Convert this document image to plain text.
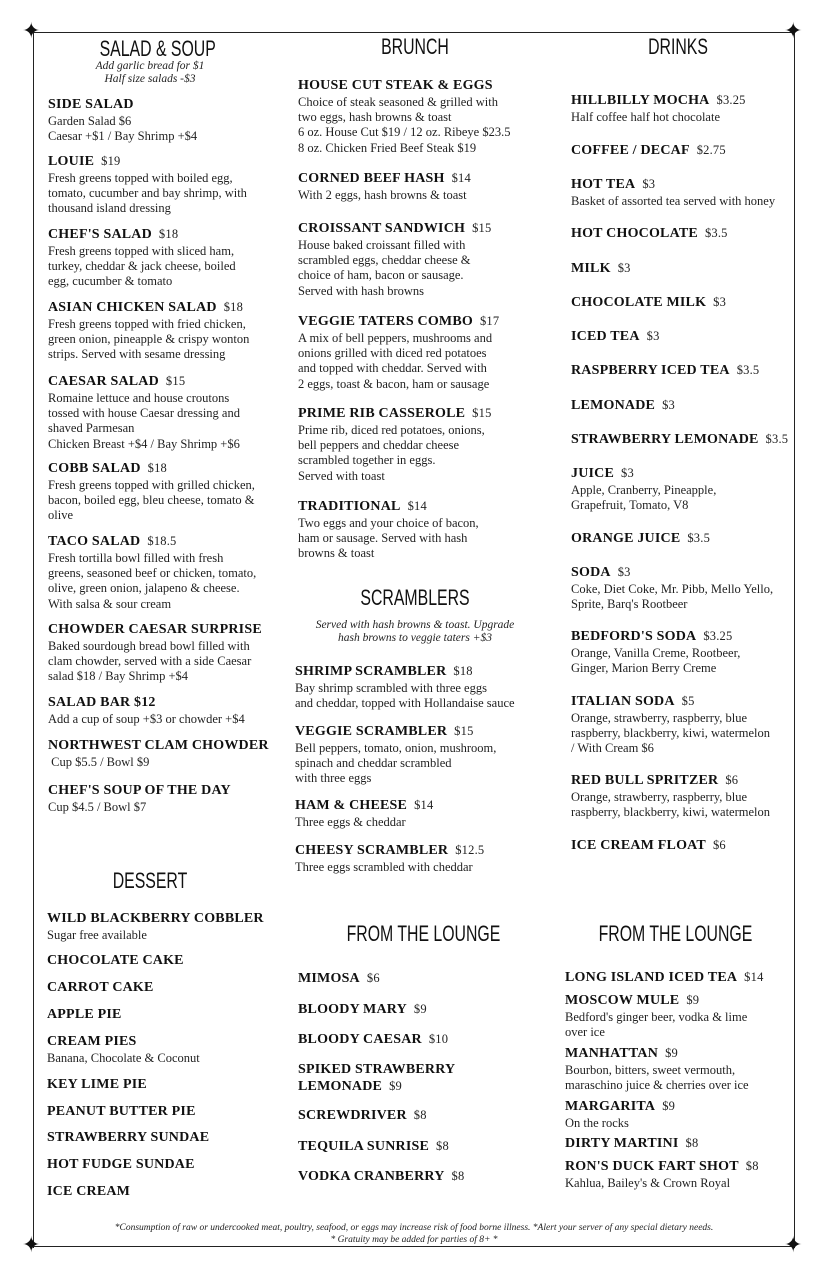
✦	✦
✦	✦
SALAD & SOUP
Add garlic bread for $1
Half size salads -$3
BRUNCH	DRINKS
SCRAMBLERS
Served with hash browns & toast. Upgrade
hash browns to veggie taters +$3
DESSERT
FROM THE LOUNGE	FROM THE LOUNGE
SIDE SALAD
Garden Salad $6
Caesar +$1 / Bay Shrimp +$4
LOUIE $19
Fresh greens topped with boiled egg,
tomato, cucumber and bay shrimp, with
thousand island dressing
CHEF'S SALAD $18
Fresh greens topped with sliced ham,
turkey, cheddar & jack cheese, boiled
egg, cucumber & tomato
ASIAN CHICKEN SALAD $18
Fresh greens topped with fried chicken,
green onion, pineapple & crispy wonton
strips. Served with sesame dressing
CAESAR SALAD $15
Romaine lettuce and house croutons
tossed with house Caesar dressing and
shaved Parmesan
Chicken Breast +$4 / Bay Shrimp +$6
COBB SALAD $18
Fresh greens topped with grilled chicken,
bacon, boiled egg, bleu cheese, tomato &
olive
TACO SALAD $18.5
Fresh tortilla bowl filled with fresh
greens, seasoned beef or chicken, tomato,
olive, green onion, jalapeno & cheese.
With salsa & sour cream
CHOWDER CAESAR SURPRISE
Baked sourdough bread bowl filled with
clam chowder, served with a side Caesar
salad $18 / Bay Shrimp +$4
SALAD BAR $12
Add a cup of soup +$3 or chowder +$4
NORTHWEST CLAM CHOWDER
Cup $5.5 / Bowl $9
CHEF'S SOUP OF THE DAY
Cup $4.5 / Bowl $7
HOUSE CUT STEAK & EGGS
Choice of steak seasoned & grilled with
two eggs, hash browns & toast
6 oz. House Cut $19 / 12 oz. Ribeye $23.5
8 oz. Chicken Fried Beef Steak $19
CORNED BEEF HASH $14
With 2 eggs, hash browns & toast
CROISSANT SANDWICH $15
House baked croissant filled with
scrambled eggs, cheddar cheese &
choice of ham, bacon or sausage.
Served with hash browns
VEGGIE TATERS COMBO $17
A mix of bell peppers, mushrooms and
onions grilled with diced red potatoes
and topped with cheddar. Served with
2 eggs, toast & bacon, ham or sausage
PRIME RIB CASSEROLE $15
Prime rib, diced red potatoes, onions,
bell peppers and cheddar cheese
scrambled together in eggs.
Served with toast
TRADITIONAL $14
Two eggs and your choice of bacon,
ham or sausage. Served with hash
browns & toast
SHRIMP SCRAMBLER $18
Bay shrimp scrambled with three eggs
and cheddar, topped with Hollandaise sauce
VEGGIE SCRAMBLER $15
Bell peppers, tomato, onion, mushroom,
spinach and cheddar scrambled
with three eggs
HAM & CHEESE $14
Three eggs & cheddar
CHEESY SCRAMBLER $12.5
Three eggs scrambled with cheddar
HILLBILLY MOCHA $3.25
Half coffee half hot chocolate
COFFEE / DECAF $2.75
HOT TEA $3
Basket of assorted tea served with honey
HOT CHOCOLATE $3.5
MILK $3
CHOCOLATE MILK $3
ICED TEA $3
RASPBERRY ICED TEA $3.5
LEMONADE $3
STRAWBERRY LEMONADE $3.5
JUICE $3
Apple, Cranberry, Pineapple,
Grapefruit, Tomato, V8
ORANGE JUICE $3.5
SODA $3
Coke, Diet Coke, Mr. Pibb, Mello Yello,
Sprite, Barq's Rootbeer
BEDFORD'S SODA $3.25
Orange, Vanilla Creme, Rootbeer,
Ginger, Marion Berry Creme
ITALIAN SODA $5
Orange, strawberry, raspberry, blue
raspberry, blackberry, kiwi, watermelon
/ With Cream $6
RED BULL SPRITZER $6
Orange, strawberry, raspberry, blue
raspberry, blackberry, kiwi, watermelon
ICE CREAM FLOAT $6
WILD BLACKBERRY COBBLER
Sugar free available
CHOCOLATE CAKE
CARROT CAKE
APPLE PIE
CREAM PIES
Banana, Chocolate & Coconut
KEY LIME PIE
PEANUT BUTTER PIE
STRAWBERRY SUNDAE
HOT FUDGE SUNDAE
ICE CREAM
MIMOSA $6
BLOODY MARY $9
BLOODY CAESAR $10
SPIKED STRAWBERRY
LEMONADE $9
SCREWDRIVER $8
TEQUILA SUNRISE $8
VODKA CRANBERRY $8
LONG ISLAND ICED TEA $14
MOSCOW MULE $9
Bedford's ginger beer, vodka & lime
over ice
MANHATTAN $9
Bourbon, bitters, sweet vermouth,
maraschino juice & cherries over ice
MARGARITA $9
On the rocks
DIRTY MARTINI $8
RON'S DUCK FART SHOT $8
Kahlua, Bailey's & Crown Royal
*Consumption of raw or undercooked meat, poultry, seafood, or eggs may increase risk of food borne illness. *Alert your server of any special dietary needs.
* Gratuity may be added for parties of 8+ *
